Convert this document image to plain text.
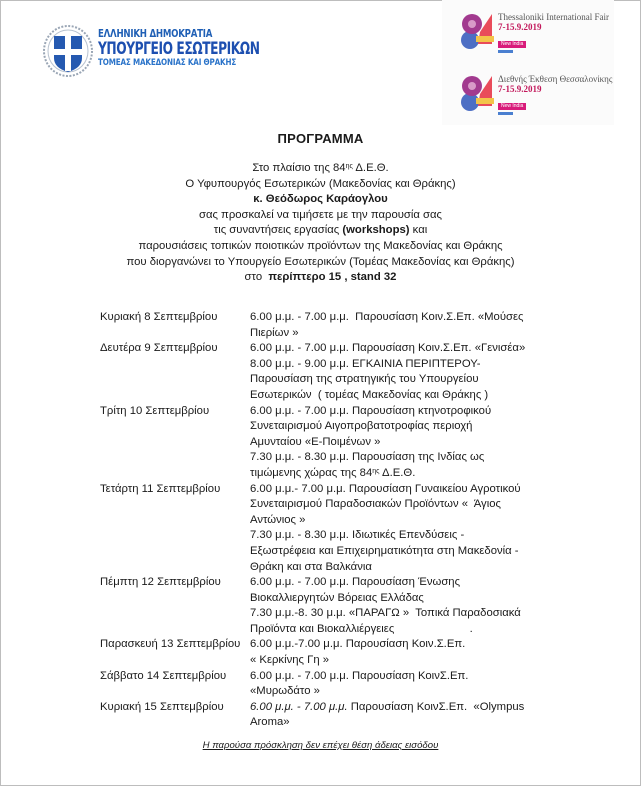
ΕΛΛΗΝΙΚΗ ΔΗΜΟΚΡΑΤΙΑ
ΥΠΟΥΡΓΕΙΟ ΕΣΩΤΕΡΙΚΩΝ
ΤΟΜΕΑΣ ΜΑΚΕΔΟΝΙΑΣ ΚΑΙ ΘΡΑΚΗΣ
Thessaloniki International Fair
7-15.9.2019
New India
Διεθνής Έκθεση Θεσσαλονίκης
7-15.9.2019
New India
ΠΡΟΓΡΑΜΜΑ
Στο πλαίσιο της $84^{\eta\varsigma}$ Δ.Ε.Θ.
Ο Υφυπουργός Εσωτερικών (Μακεδονίας και Θράκης)
κ. Θεόδωρος Καράογλου
σας προσκαλεί να τιμήσετε με την παρουσία σας
τις συναντήσεις εργασίας (workshops) και
παρουσιάσεις τοπικών ποιοτικών προϊόντων της Μακεδονίας και Θράκης
που διοργανώνει το Υπουργείο Εσωτερικών (Τομέας Μακεδονίας και Θράκης)
στο  περίπτερο 15 , stand 32
Κυριακή 8 Σεπτεμβρίου	6.00 μ.μ. - 7.00 μ.μ.  Παρουσίαση Κοιν.Σ.Επ. «Μούσες
Πιερίων »
Δευτέρα 9 Σεπτεμβρίου	6.00 μ.μ. - 7.00 μ.μ. Παρουσίαση Κοιν.Σ.Επ. «Γενισέα»
8.00 μ.μ. - 9.00 μ.μ. ΕΓΚΑΙΝΙΑ ΠΕΡΙΠΤΕΡΟΥ-
Παρουσίαση της στρατηγικής του Υπουργείου
Εσωτερικών  ( τομέας Μακεδονίας και Θράκης )
Τρίτη 10 Σεπτεμβρίου	6.00 μ.μ. - 7.00 μ.μ. Παρουσίαση κτηνοτροφικού
Συνεταιρισμού Αιγοπροβατοτροφίας περιοχή
Αμυνταίου «Ε-Ποιμένων »
7.30 μ.μ. - 8.30 μ.μ. Παρουσίαση της Ινδίας ως
τιμώμενης χώρας της $84^{\eta\varsigma}$ Δ.Ε.Θ.
Τετάρτη 11 Σεπτεμβρίου	6.00 μ.μ.- 7.00 μ.μ. Παρουσίαση Γυναικείου Αγροτικού
Συνεταιρισμού Παραδοσιακών Προϊόντων «  Άγιος
Αντώνιος »
7.30 μ.μ. - 8.30 μ.μ. Ιδιωτικές Επενδύσεις -
Εξωστρέφεια και Επιχειρηματικότητα στη Μακεδονία -
Θράκη και στα Βαλκάνια
Πέμπτη 12 Σεπτεμβρίου	6.00 μ.μ. - 7.00 μ.μ. Παρουσίαση Ένωσης
Βιοκαλλιεργητών Βόρειας Ελλάδας
7.30 μ.μ.-8. 30 μ.μ. «ΠΑΡΑΓΩ »  Τοπικά Παραδοσιακά
Προϊόντα και Βιοκαλλιέργειες                        .
Παρασκευή 13 Σεπτεμβρίου 6.00 μ.μ.-7.00 μ.μ. Παρουσίαση Κοιν.Σ.Επ.
« Κερκίνης Γη »
Σάββατο 14 Σεπτεμβρίου 6.00 μ.μ. - 7.00 μ.μ. Παρουσίαση ΚοινΣ.Επ.
«Μυρωδάτο »
Κυριακή 15 Σεπτεμβρίου 6.00 μ.μ. - 7.00 μ.μ. Παρουσίαση ΚοινΣ.Επ.  «Olympus
Aroma»
Η παρούσα πρόσκληση δεν επέχει θέση άδειας εισόδου
